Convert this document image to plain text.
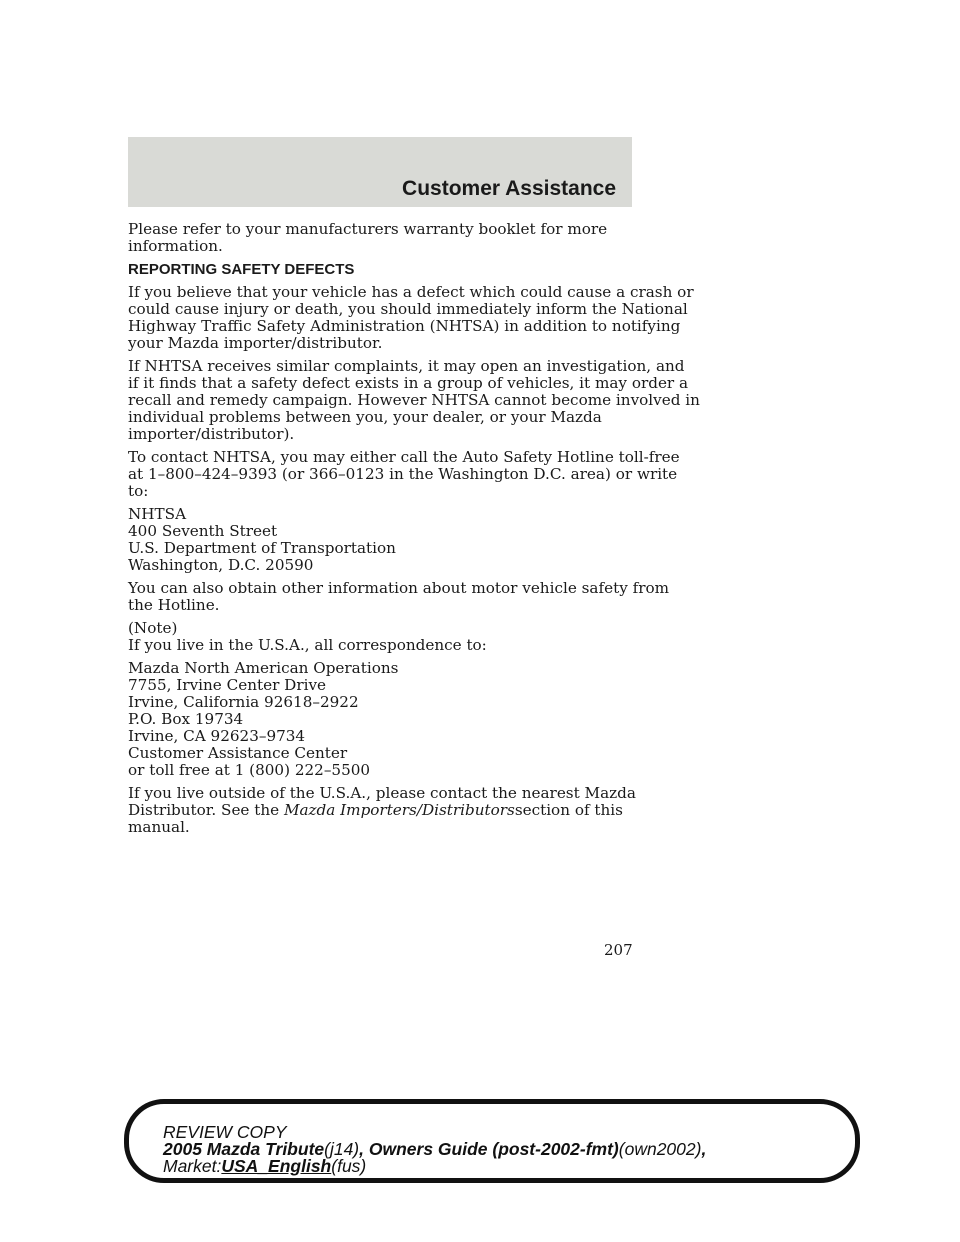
Customer Assistance

Please refer to your manufacturers warranty booklet for more
information.

REPORTING SAFETY DEFECTS

If you believe that your vehicle has a defect which could cause a crash or
could cause injury or death, you should immediately inform the National
Highway Traffic Safety Administration (NHTSA) in addition to notifying
your Mazda importer/distributor.

If NHTSA receives similar complaints, it may open an investigation, and
if it finds that a safety defect exists in a group of vehicles, it may order a
recall and remedy campaign. However NHTSA cannot become involved in
individual problems between you, your dealer, or your Mazda
importer/distributor).

To contact NHTSA, you may either call the Auto Safety Hotline toll-free
at 1–800–424–9393 (or 366–0123 in the Washington D.C. area) or write
to:

NHTSA
400 Seventh Street
U.S. Department of Transportation
Washington, D.C. 20590

You can also obtain other information about motor vehicle safety from
the Hotline.

(Note)
If you live in the U.S.A., all correspondence to:

Mazda North American Operations
7755, Irvine Center Drive
Irvine, California 92618–2922
P.O. Box 19734
Irvine, CA 92623–9734
Customer Assistance Center
or toll free at 1 (800) 222–5500

If you live outside of the U.S.A., please contact the nearest Mazda
Distributor. See the Mazda Importers/Distributorssection of this
manual.

207
REVIEW COPY
2005 Mazda Tribute(j14), Owners Guide (post-2002-fmt)(own2002),
Market:USA_English(fus)
